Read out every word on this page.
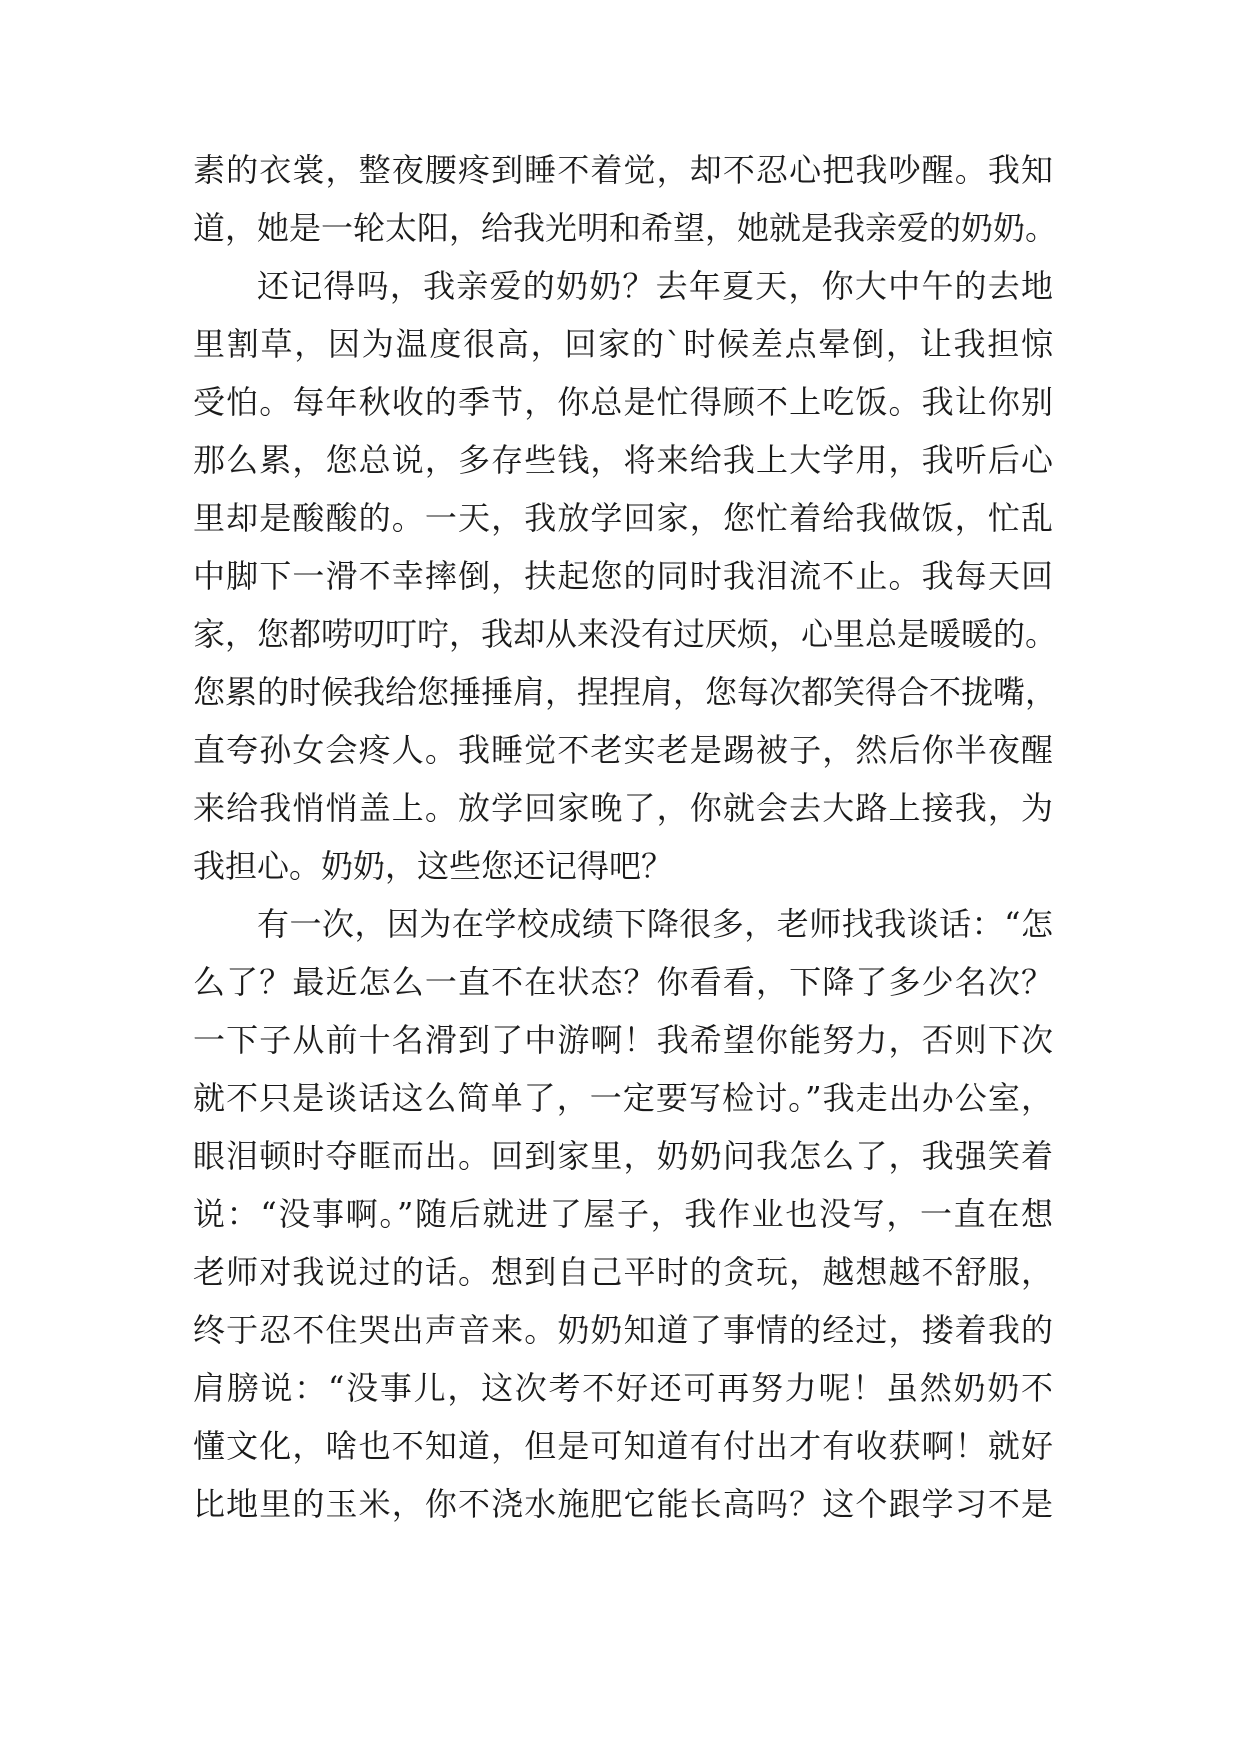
素的衣裳，整夜腰疼到睡不着觉，却不忍心把我吵醒。我知
道，她是一轮太阳，给我光明和希望，她就是我亲爱的奶奶。
还记得吗，我亲爱的奶奶？去年夏天，你大中午的去地
里割草，因为温度很高，回家的`时候差点晕倒，让我担惊
受怕。每年秋收的季节，你总是忙得顾不上吃饭。我让你别
那么累，您总说，多存些钱，将来给我上大学用，我听后心
里却是酸酸的。一天，我放学回家，您忙着给我做饭，忙乱
中脚下一滑不幸摔倒，扶起您的同时我泪流不止。我每天回
家，您都唠叨叮咛，我却从来没有过厌烦，心里总是暖暖的。
您累的时候我给您捶捶肩，捏捏肩，您每次都笑得合不拢嘴，
直夸孙女会疼人。我睡觉不老实老是踢被子，然后你半夜醒
来给我悄悄盖上。放学回家晚了，你就会去大路上接我，为
我担心。奶奶，这些您还记得吧？
有一次，因为在学校成绩下降很多，老师找我谈话：“怎
么了？最近怎么一直不在状态？你看看，下降了多少名次？
一下子从前十名滑到了中游啊！我希望你能努力，否则下次
就不只是谈话这么简单了，一定要写检讨。”我走出办公室，
眼泪顿时夺眶而出。回到家里，奶奶问我怎么了，我强笑着
说：“没事啊。”随后就进了屋子，我作业也没写，一直在想
老师对我说过的话。想到自己平时的贪玩，越想越不舒服，
终于忍不住哭出声音来。奶奶知道了事情的经过，搂着我的
肩膀说：“没事儿，这次考不好还可再努力呢！虽然奶奶不
懂文化，啥也不知道，但是可知道有付出才有收获啊！就好
比地里的玉米，你不浇水施肥它能长高吗？这个跟学习不是
